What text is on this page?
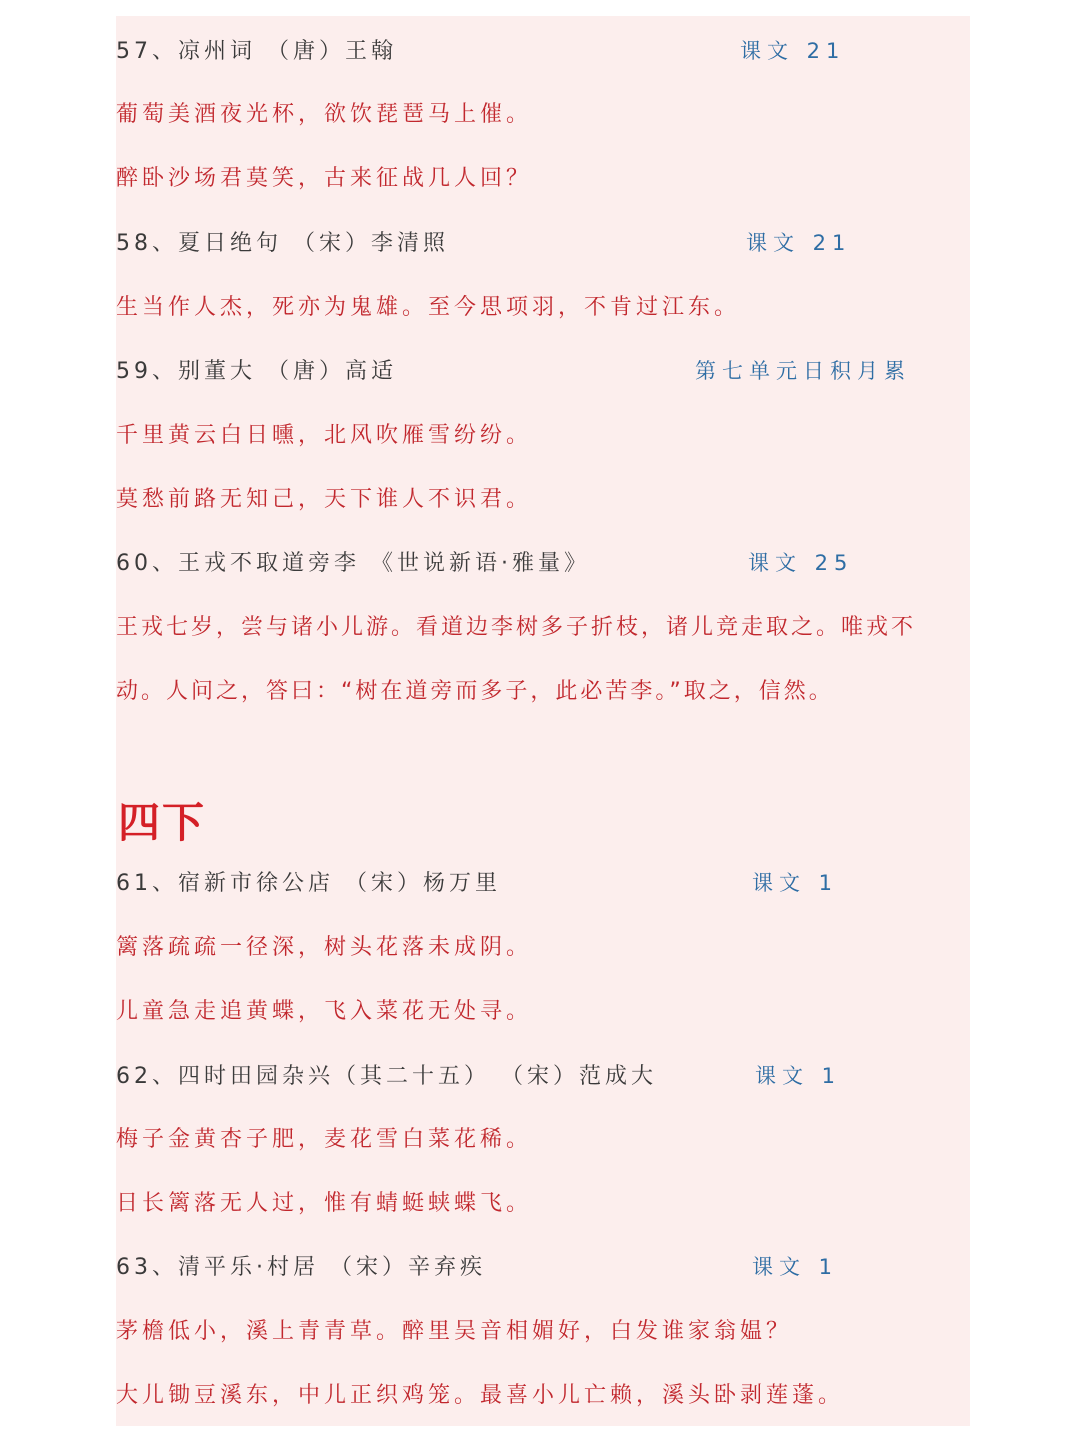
57、凉州词 （唐）王翰	课文 21
葡萄美酒夜光杯，欲饮琵琶马上催。
醉卧沙场君莫笑，古来征战几人回？
58、夏日绝句 （宋）李清照	课文 21
生当作人杰，死亦为鬼雄。至今思项羽，不肯过江东。
59、别董大 （唐）高适	第七单元日积月累
千里黄云白日曛，北风吹雁雪纷纷。
莫愁前路无知己，天下谁人不识君。
60、王戎不取道旁李 《世说新语·雅量》	课文 25
王戎七岁，尝与诸小儿游。看道边李树多子折枝，诸儿竞走取之。唯戎不
动。人问之，答曰：“树在道旁而多子，此必苦李。”取之，信然。
四下
61、宿新市徐公店 （宋）杨万里	课文 1
篱落疏疏一径深，树头花落未成阴。
儿童急走追黄蝶，飞入菜花无处寻。
62、四时田园杂兴（其二十五） （宋）范成大	课文 1
梅子金黄杏子肥，麦花雪白菜花稀。
日长篱落无人过，惟有蜻蜓蛱蝶飞。
63、清平乐·村居 （宋）辛弃疾	课文 1
茅檐低小，溪上青青草。醉里吴音相媚好，白发谁家翁媪？
大儿锄豆溪东，中儿正织鸡笼。最喜小儿亡赖，溪头卧剥莲蓬。
